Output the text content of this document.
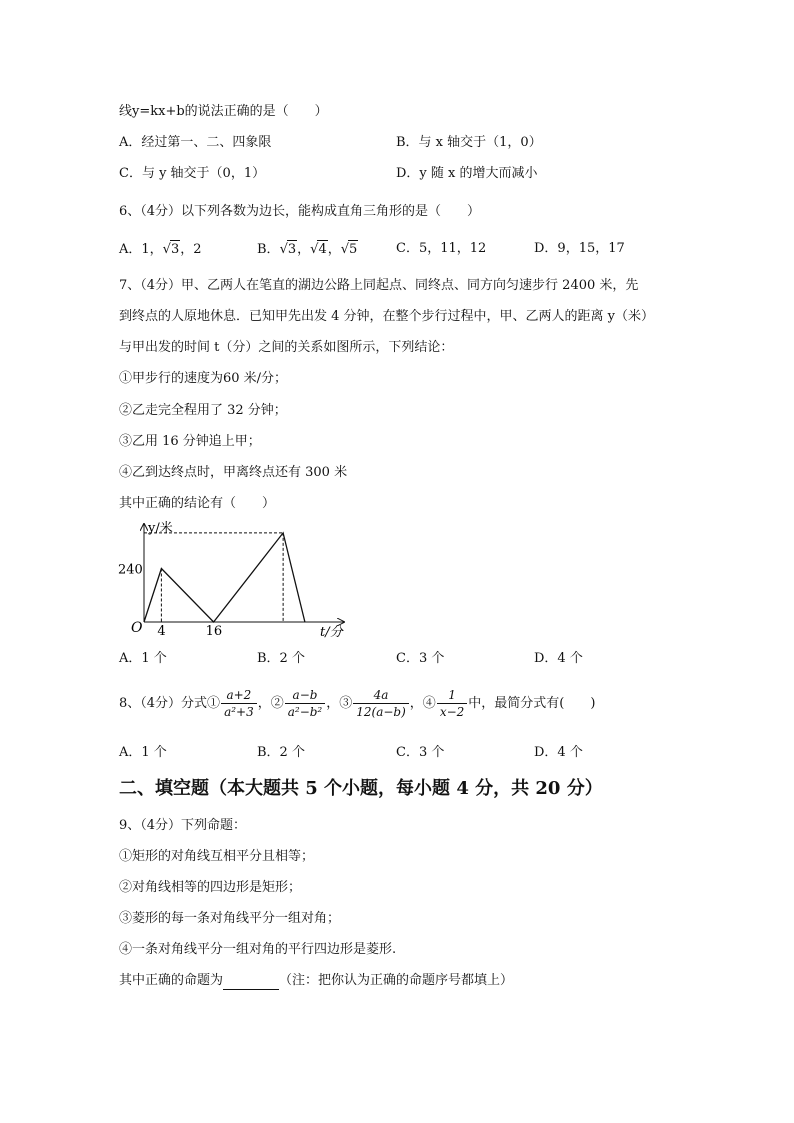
线y=kx+b的说法正确的是（　　）
A．经过第一、二、四象限	B．与 x 轴交于（1，0）
C．与 y 轴交于（0，1）	D．y 随 x 的增大而减小
6、（4分）以下列各数为边长，能构成直角三角形的是（　　）
A．1，√3，2	B．√3，√4，√5	C．5，11，12	D．9，15，17
7、（4分）甲、乙两人在笔直的湖边公路上同起点、同终点、同方向匀速步行 2400 米，先
到终点的人原地休息．已知甲先出发 4 分钟，在整个步行过程中，甲、乙两人的距离 y（米）
与甲出发的时间 t（分）之间的关系如图所示，下列结论：
①甲步行的速度为60 米/分；
②乙走完全程用了 32 分钟；
③乙用 16 分钟追上甲；
④乙到达终点时，甲离终点还有 300 米
其中正确的结论有（　　）
y/米
t/分
O
240
4	16
A．1 个	B．2 个	C．3 个	D．4 个
8、（4分）分式① $\frac{a+2}{\text{a²+3}}$ ，② $\frac{a-b}{\text{a²−b²}}$ ，③ $\frac{4a}{12(a-b)}$ ，④ $\frac{1}{x-2}$ 中，最简分式有(　　)
A．1 个	B．2 个	C．3 个	D．4 个
二、填空题（本大题共 5 个小题，每小题 4 分，共 20 分）
9、（4分）下列命题：
①矩形的对角线互相平分且相等；
②对角线相等的四边形是矩形；
③菱形的每一条对角线平分一组对角；
④一条对角线平分一组对角的平行四边形是菱形.
其中正确的命题为	（注：把你认为正确的命题序号都填上）
